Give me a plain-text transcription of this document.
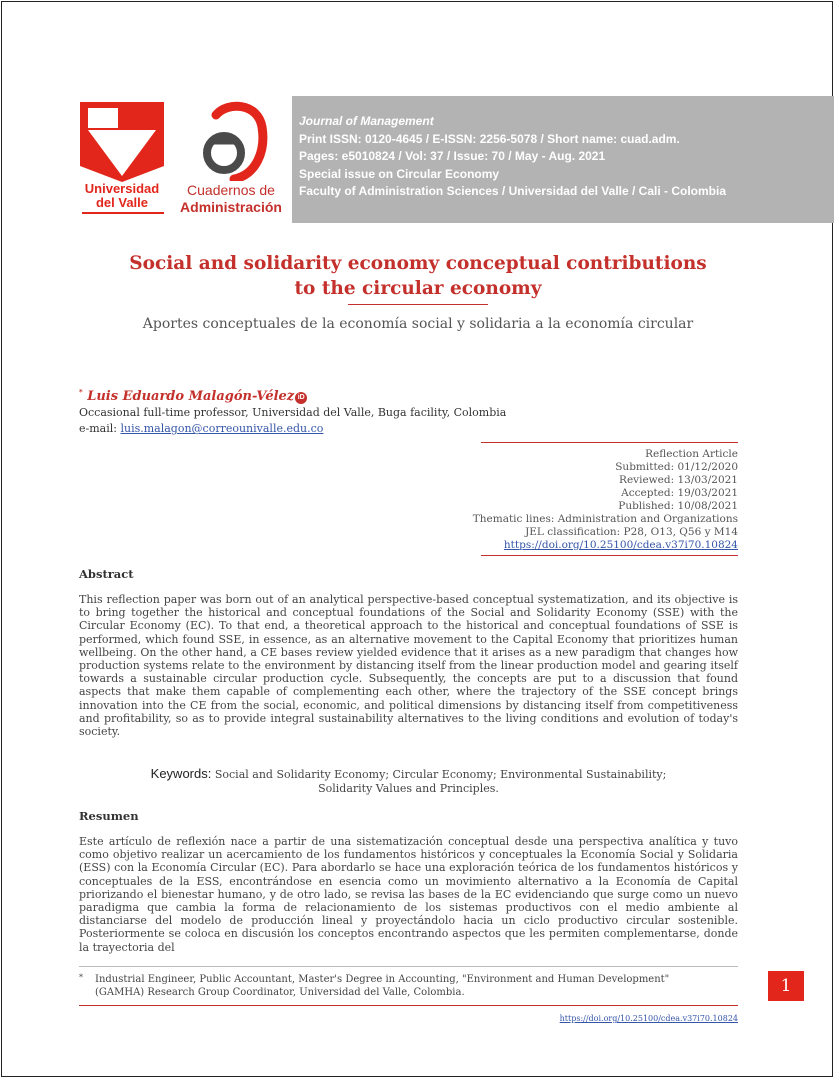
Universidad
del Valle
Cuadernos de
Administración
Journal of Management
Print ISSN: 0120-4645 / E-ISSN: 2256-5078 / Short name: cuad.adm.
Pages: e5010824 / Vol: 37 / Issue: 70 / May - Aug. 2021
Special issue on Circular Economy
Faculty of Administration Sciences / Universidad del Valle / Cali - Colombia
Social and solidarity economy conceptual contributions
to the circular economy
Aportes conceptuales de la economía social y solidaria a la economía circular
* Luis Eduardo Malagón-Vélez iD
Occasional full-time professor, Universidad del Valle, Buga facility, Colombia
e-mail: luis.malagon@correounivalle.edu.co
Reflection Article
Submitted: 01/12/2020
Reviewed: 13/03/2021
Accepted: 19/03/2021
Published: 10/08/2021
Thematic lines: Administration and Organizations
JEL classification: P28, O13, Q56 y M14
https://doi.org/10.25100/cdea.v37i70.10824
Abstract
This reflection paper was born out of an analytical perspective-based conceptual systematization, and its objective is to bring together the historical and conceptual foundations of the Social and Solidarity Economy (SSE) with the Circular Economy (EC). To that end, a theoretical approach to the historical and conceptual foundations of SSE is performed, which found SSE, in essence, as an alternative movement to the Capital Economy that prioritizes human wellbeing. On the other hand, a CE bases review yielded evidence that it arises as a new paradigm that changes how production systems relate to the environment by distancing itself from the linear production model and gearing itself towards a sustainable circular production cycle. Subsequently, the concepts are put to a discussion that found aspects that make them capable of complementing each other, where the trajectory of the SSE concept brings innovation into the CE from the social, economic, and political dimensions by distancing itself from competitiveness and profitability, so as to provide integral sustainability alternatives to the living conditions and evolution of today's society.
Keywords: Social and Solidarity Economy; Circular Economy; Environmental Sustainability;
Solidarity Values and Principles.
Resumen
Este artículo de reflexión nace a partir de una sistematización conceptual desde una perspectiva analítica y tuvo como objetivo realizar un acercamiento de los fundamentos históricos y conceptuales la Economía Social y Solidaria (ESS) con la Economía Circular (EC). Para abordarlo se hace una exploración teórica de los fundamentos históricos y conceptuales de la ESS, encontrándose en esencia como un movimiento alternativo a la Economía de Capital priorizando el bienestar humano, y de otro lado, se revisa las bases de la EC evidenciando que surge como un nuevo paradigma que cambia la forma de relacionamiento de los sistemas productivos con el medio ambiente al distanciarse del modelo de producción lineal y proyectándolo hacia un ciclo productivo circular sostenible. Posteriormente se coloca en discusión los conceptos encontrando aspectos que les permiten complementarse, donde la trayectoria del
* Industrial Engineer, Public Accountant, Master's Degree in Accounting, "Environment and Human Development" (GAMHA) Research Group Coordinator, Universidad del Valle, Colombia.	1
https://doi.org/10.25100/cdea.v37i70.10824
